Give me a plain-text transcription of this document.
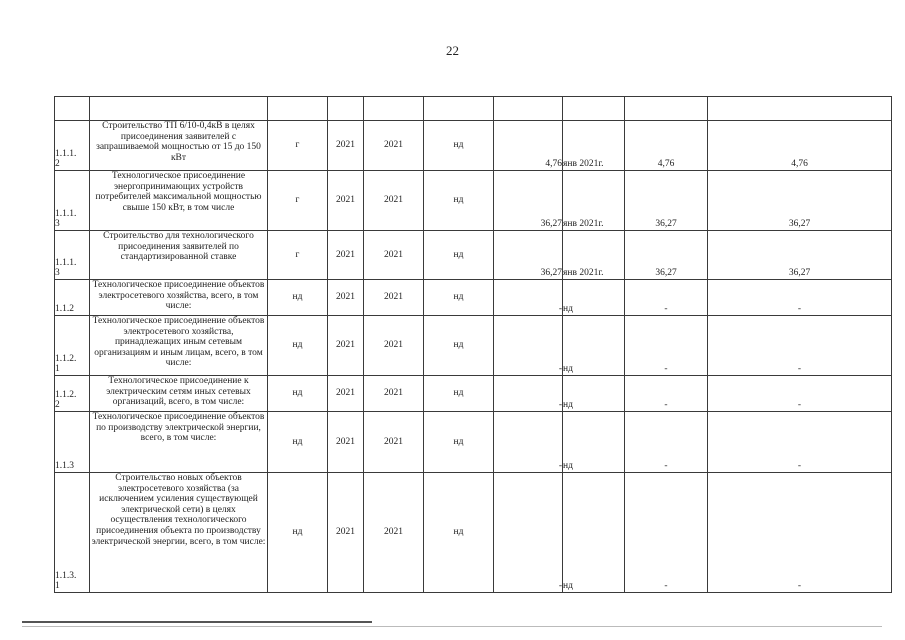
22

1.1.1.
2	Строительство ТП 6/10-0,4кВ в целях присоединения заявителей с запрашиваемой мощностью от 15 до 150 кВт	г	2021	2021	нд	4,76	янв 2021г.	4,76	4,76
1.1.1.
3	Технологическое присоединение энергопринимающих устройств потребителей максимальной мощностью свыше 150 кВт, в том числе	г	2021	2021	нд	36,27	янв 2021г.	36,27	36,27
1.1.1.
3	Строительство для технологического присоединения заявителей по стандартизированной ставке	г	2021	2021	нд	36,27	янв 2021г.	36,27	36,27
1.1.2	Технологическое присоединение объектов электросетевого хозяйства, всего, в том числе:	нд	2021	2021	нд	-	нд	-	-
1.1.2.
1	Технологическое присоединение объектов электросетевого хозяйства, принадлежащих иным сетевым организациям и иным лицам, всего, в том числе:	нд	2021	2021	нд	-	нд	-	-
1.1.2.
2	Технологическое присоединение к электрическим сетям иных сетевых организаций, всего, в том числе:	нд	2021	2021	нд	-	нд	-	-
1.1.3	Технологическое присоединение объектов по производству электрической энергии, всего, в том числе:	нд	2021	2021	нд	-	нд	-	-
1.1.3.
1	Строительство новых объектов электросетевого хозяйства (за исключением усиления существующей электрической сети) в целях осуществления технологического присоединения объекта по производству электрической энергии, всего, в том числе:	нд	2021	2021	нд	-	нд	-	-
